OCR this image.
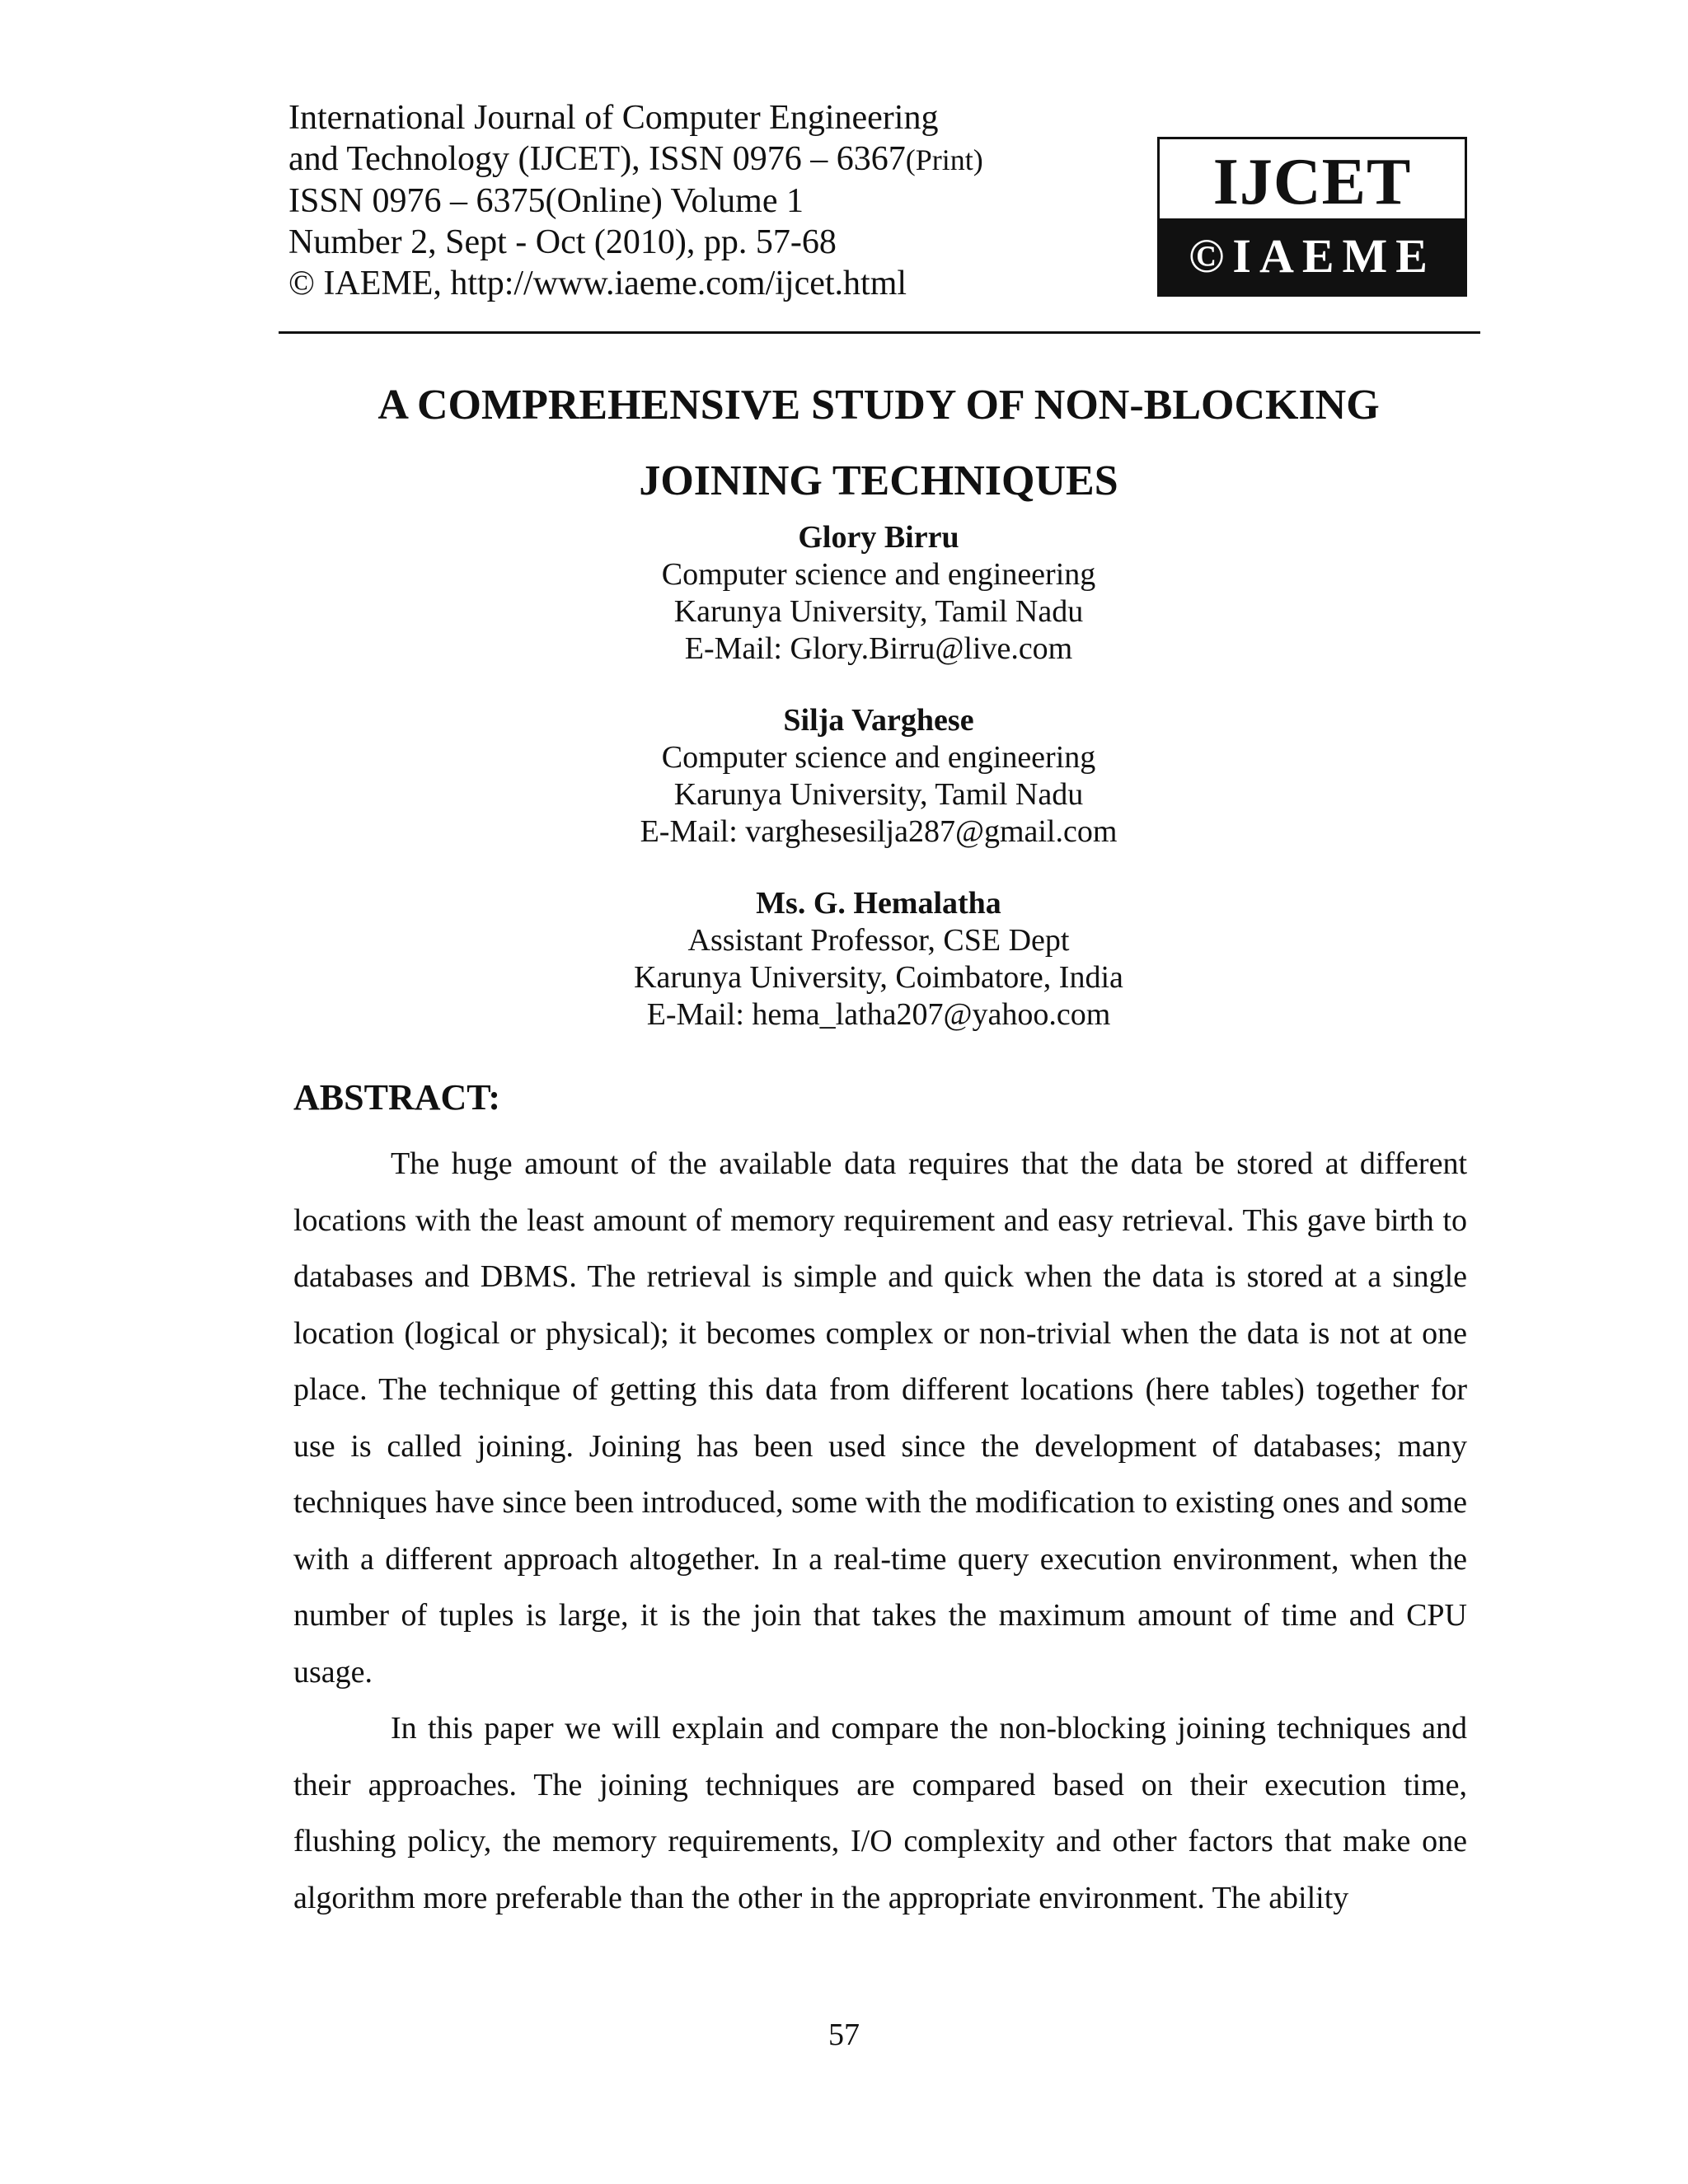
International Journal of Computer Engineering
and Technology (IJCET), ISSN 0976 – 6367(Print)
ISSN 0976 – 6375(Online) Volume 1
Number 2, Sept - Oct (2010), pp. 57-68
© IAEME, http://www.iaeme.com/ijcet.html
IJCET
©IAEME
A COMPREHENSIVE STUDY OF NON-BLOCKING
JOINING TECHNIQUES
Glory Birru
Computer science and engineering
Karunya University, Tamil Nadu
E-Mail: Glory.Birru@live.com
Silja Varghese
Computer science and engineering
Karunya University, Tamil Nadu
E-Mail: varghesesilja287@gmail.com
Ms. G. Hemalatha
Assistant Professor, CSE Dept
Karunya University, Coimbatore, India
E-Mail: hema_latha207@yahoo.com
ABSTRACT:

The huge amount of the available data requires that the data be stored at different locations with the least amount of memory requirement and easy retrieval. This gave birth to databases and DBMS. The retrieval is simple and quick when the data is stored at a single location (logical or physical); it becomes complex or non-trivial when the data is not at one place. The technique of getting this data from different locations (here tables) together for use is called joining. Joining has been used since the development of databases; many techniques have since been introduced, some with the modification to existing ones and some with a different approach altogether. In a real-time query execution environment, when the number of tuples is large, it is the join that takes the maximum amount of time and CPU usage.

In this paper we will explain and compare the non-blocking joining techniques and their approaches. The joining techniques are compared based on their execution time, flushing policy, the memory requirements, I/O complexity and other factors that make one algorithm more preferable than the other in the appropriate environment. The ability

57
